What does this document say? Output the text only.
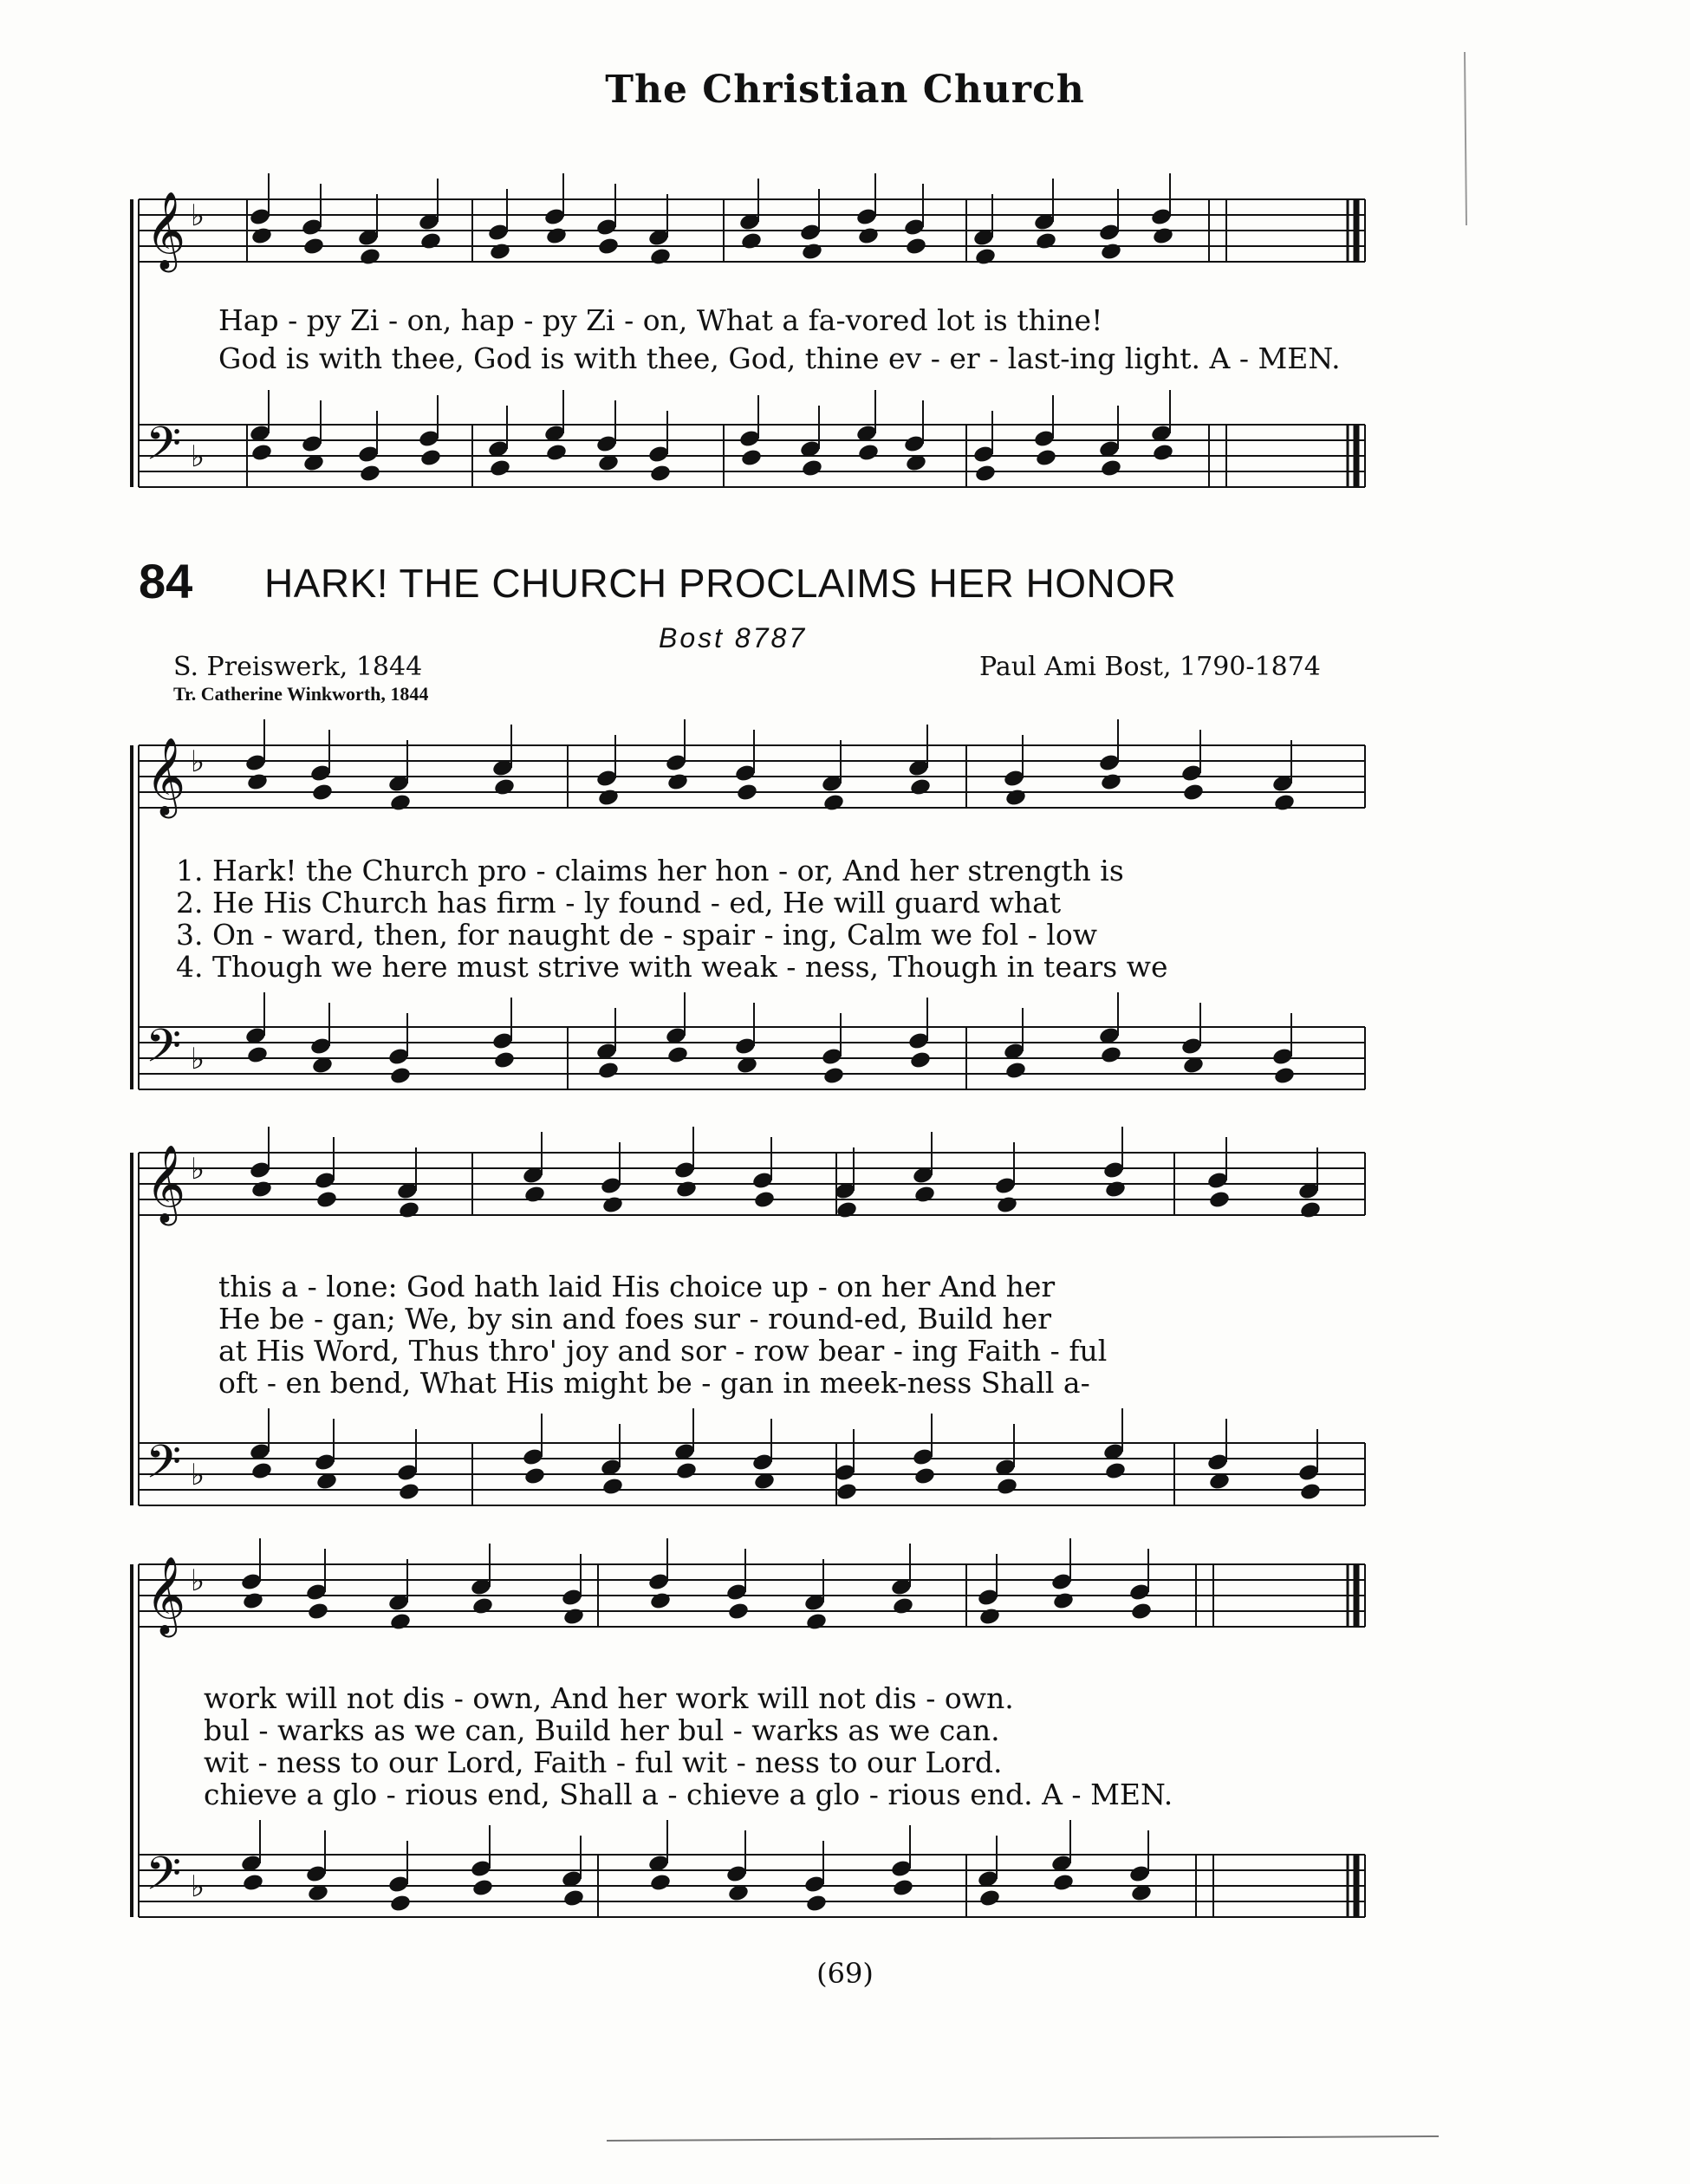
The Christian Church
𝄞
𝄢
♭
♭
𝄞
𝄢
♭
♭
𝄞
𝄢
♭
♭
𝄞
𝄢
♭
♭
Hap - py Zi - on, hap - py Zi - on, What a fa-vored lot is thine!
God is with thee, God is with thee, God, thine ev - er - last-ing light. A - MEN.
84 HARK! THE CHURCH PROCLAIMS HER HONOR
Bost 8787
S. Preiswerk, 1844
Tr. Catherine Winkworth, 1844
Paul Ami Bost, 1790-1874
1. Hark! the Church pro - claims her hon - or, And her strength is
2. He His Church has firm - ly found - ed, He will guard what
3. On - ward, then, for naught de - spair - ing, Calm we fol - low
4. Though we here must strive with weak - ness, Though in tears we
this a - lone: God hath laid His choice up - on her And her
He be - gan; We, by sin and foes sur - round-ed, Build her
at His Word, Thus thro' joy and sor - row bear - ing Faith - ful
oft - en bend, What His might be - gan in meek-ness Shall a-
work will not dis - own, And her work will not dis - own.
bul - warks as we can, Build her bul - warks as we can.
wit - ness to our Lord, Faith - ful wit - ness to our Lord.
chieve a glo - rious end, Shall a - chieve a glo - rious end. A - MEN.
(69)
